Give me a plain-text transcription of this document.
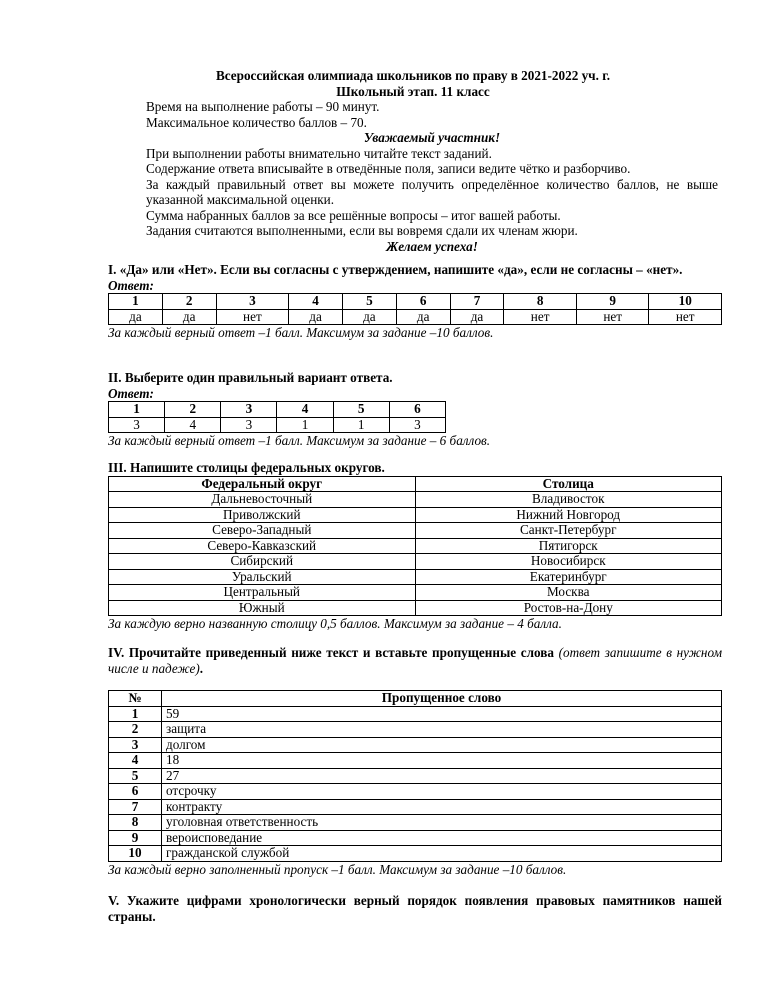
Всероссийская олимпиада школьников по праву в 2021-2022 уч. г.
Школьный этап. 11 класс

Время на выполнение работы – 90 минут.

Максимальное количество баллов – 70.

Уважаемый участник!

При выполнении работы внимательно читайте текст заданий.

Содержание ответа вписывайте в отведённые поля, записи ведите чётко и разборчиво.

За каждый правильный ответ вы можете получить определённое количество баллов, не выше указанной максимальной оценки.

Сумма набранных баллов за все решённые вопросы – итог вашей работы.

Задания считаются выполненными, если вы вовремя сдали их членам жюри.

Желаем успеха!

I. «Да» или «Нет». Если вы согласны с утверждением, напишите «да», если не согласны – «нет».

Ответ:

1	2	3	4	5	6	7	8	9	10
да	да	нет	да	да	да	да	нет	нет	нет

За каждый верный ответ –1 балл. Максимум за задание –10 баллов.

II. Выберите один правильный вариант ответа.

Ответ:

1	2	3	4	5	6
3	4	3	1	1	3

За каждый верный ответ –1 балл. Максимум за задание – 6 баллов.

III. Напишите столицы федеральных округов.

Федеральный округ	Столица
Дальневосточный	Владивосток
Приволжский	Нижний Новгород
Северо-Западный	Санкт-Петербург
Северо-Кавказский	Пятигорск
Сибирский	Новосибирск
Уральский	Екатеринбург
Центральный	Москва
Южный	Ростов-на-Дону

За каждую верно названную столицу 0,5 баллов. Максимум за задание – 4 балла.

IV. Прочитайте приведенный ниже текст и вставьте пропущенные слова (ответ запишите в нужном числе и падеже).

№	Пропущенное слово
1	59
2	защита
3	долгом
4	18
5	27
6	отсрочку
7	контракту
8	уголовная ответственность
9	вероисповедание
10	гражданской службой

За каждый верно заполненный пропуск –1 балл. Максимум за задание –10 баллов.

V. Укажите цифрами хронологически верный порядок появления правовых памятников нашей страны.
